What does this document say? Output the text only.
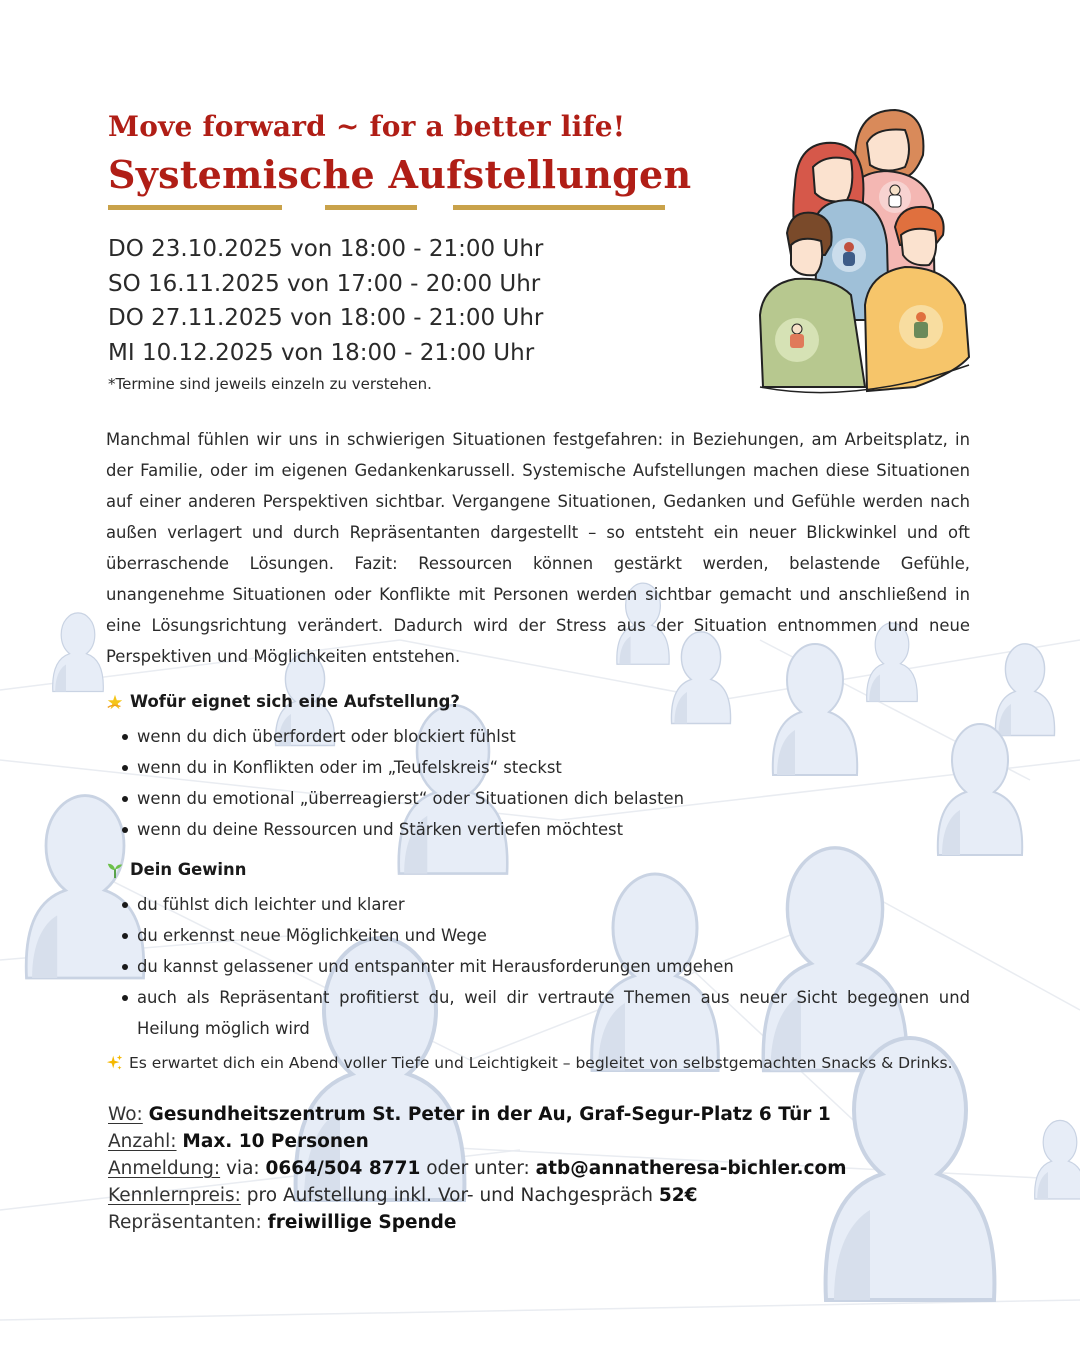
Move forward ~ for a better life!
Systemische Aufstellungen
DO 23.10.2025 von 18:00 - 21:00 Uhr
SO 16.11.2025 von 17:00 - 20:00 Uhr
DO 27.11.2025 von 18:00 - 21:00 Uhr
MI 10.12.2025 von 18:00 - 21:00 Uhr
*Termine sind jeweils einzeln zu verstehen.

Manchmal fühlen wir uns in schwierigen Situationen festgefahren: in Beziehungen, am Arbeitsplatz, in der Familie, oder im eigenen Gedankenkarussell. Systemische Aufstellungen machen diese Situationen auf einer anderen Perspektiven sichtbar. Vergangene Situationen, Gedanken und Gefühle werden nach außen verlagert und durch Repräsentanten dargestellt – so entsteht ein neuer Blickwinkel und oft überraschende Lösungen. Fazit: Ressourcen können gestärkt werden, belastende Gefühle, unangenehme Situationen oder Konflikte mit Personen werden sichtbar gemacht und anschließend in eine Lösungsrichtung verändert. Dadurch wird der Stress aus der Situation entnommen und neue Perspektiven und Möglichkeiten entstehen.

Wofür eignet sich eine Aufstellung?
wenn du dich überfordert oder blockiert fühlst
wenn du in Konflikten oder im „Teufelskreis“ steckst
wenn du emotional „überreagierst“ oder Situationen dich belasten
wenn du deine Ressourcen und Stärken vertiefen möchtest
Dein Gewinn
du fühlst dich leichter und klarer
du erkennst neue Möglichkeiten und Wege
du kannst gelassener und entspannter mit Herausforderungen umgehen
auch als Repräsentant profitierst du, weil dir vertraute Themen aus neuer Sicht begegnen und Heilung möglich wird
Es erwartet dich ein Abend voller Tiefe und Leichtigkeit – begleitet von selbstgemachten Snacks & Drinks.
Wo: Gesundheitszentrum St. Peter in der Au, Graf-Segur-Platz 6 Tür 1
Anzahl: Max. 10 Personen
Anmeldung: via: 0664/504 8771 oder unter: atb@annatheresa-bichler.com
Kennlernpreis: pro Aufstellung inkl. Vor- und Nachgespräch 52€
Repräsentanten: freiwillige Spende
